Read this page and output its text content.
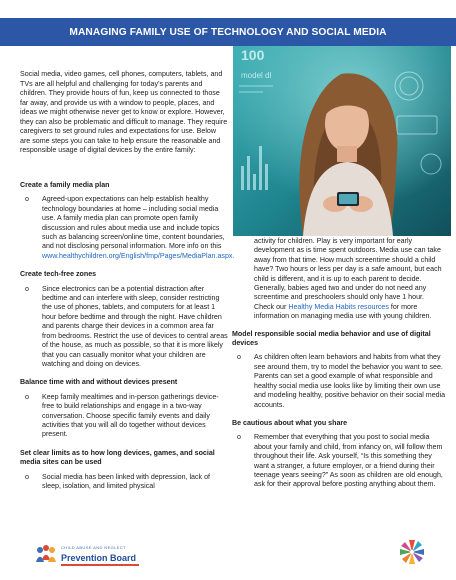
MANAGING FAMILY USE OF TECHNOLOGY AND SOCIAL MEDIA
100
model dl

Social media, video games, cell phones, computers, tablets, and TVs are all helpful and challenging for today’s parents and children. They provide hours of fun, keep us connected to those far away, and provide us with a window to people, places, and ideas we might otherwise never get to know or explore. However, they can also be problematic and difficult to manage. They require caregivers to set ground rules and expectations for use. Below are some steps you can take to help ensure the reasonable and responsible usage of digital devices by the entire family:

Create a family media plan
o Agreed-upon expectations can help establish healthy technology boundaries at home – including social media use. A family media plan can promote open family discussion and rules about media use and include topics such as balancing screen/online time, content boundaries, and not disclosing personal information. More info on this www.healthychildren.org/English/fmp/Pages/MediaPlan.aspx.

Create tech-free zones
o Since electronics can be a potential distraction after bedtime and can interfere with sleep, consider restricting the use of phones, tablets, and computers for at least 1 hour before bedtime and through the night. Have children and parents charge their devices in a common area far from bedrooms. Restrict the use of devices to central areas of the house, as much as possible, so that it is more likely that you can casually monitor what your children are watching and doing on devices.

Balance time with and without devices present
o Keep family mealtimes and in-person gatherings device-free to build relationships and engage in a two-way conversation. Choose specific family events and daily activities that you will all do together without devices present.

Set clear limits as to how long devices, games, and social media sites can be used
o Social media has been linked with depression, lack of sleep, isolation, and limited physical

activity for children. Play is very important for early development as is time spent outdoors. Media use can take away from that time. How much screentime should a child have? Two hours or less per day is a safe amount, but each child is different, and it is up to each parent to decide. Generally, babies aged two and under do not need any screentime and preschoolers should only have 1 hour. Check our Healthy Media Habits resources for more information on managing media use with young children.

Model responsible social media behavior and use of digital devices
o As children often learn behaviors and habits from what they see around them, try to model the behavior you want to see. Parents can set a good example of what responsible and healthy social media use looks like by limiting their own use and modeling healthy, positive behavior on their social media accounts.

Be cautious about what you share
o Remember that everything that you post to social media about your family and child, from infancy on, will follow them throughout their life. Ask yourself, “Is this something they want a stranger, a future employer, or a friend during their teenage years seeing?” As soon as children are old enough, ask for their approval before posting anything about them.

CHILD ABUSE AND NEGLECT
Prevention Board
